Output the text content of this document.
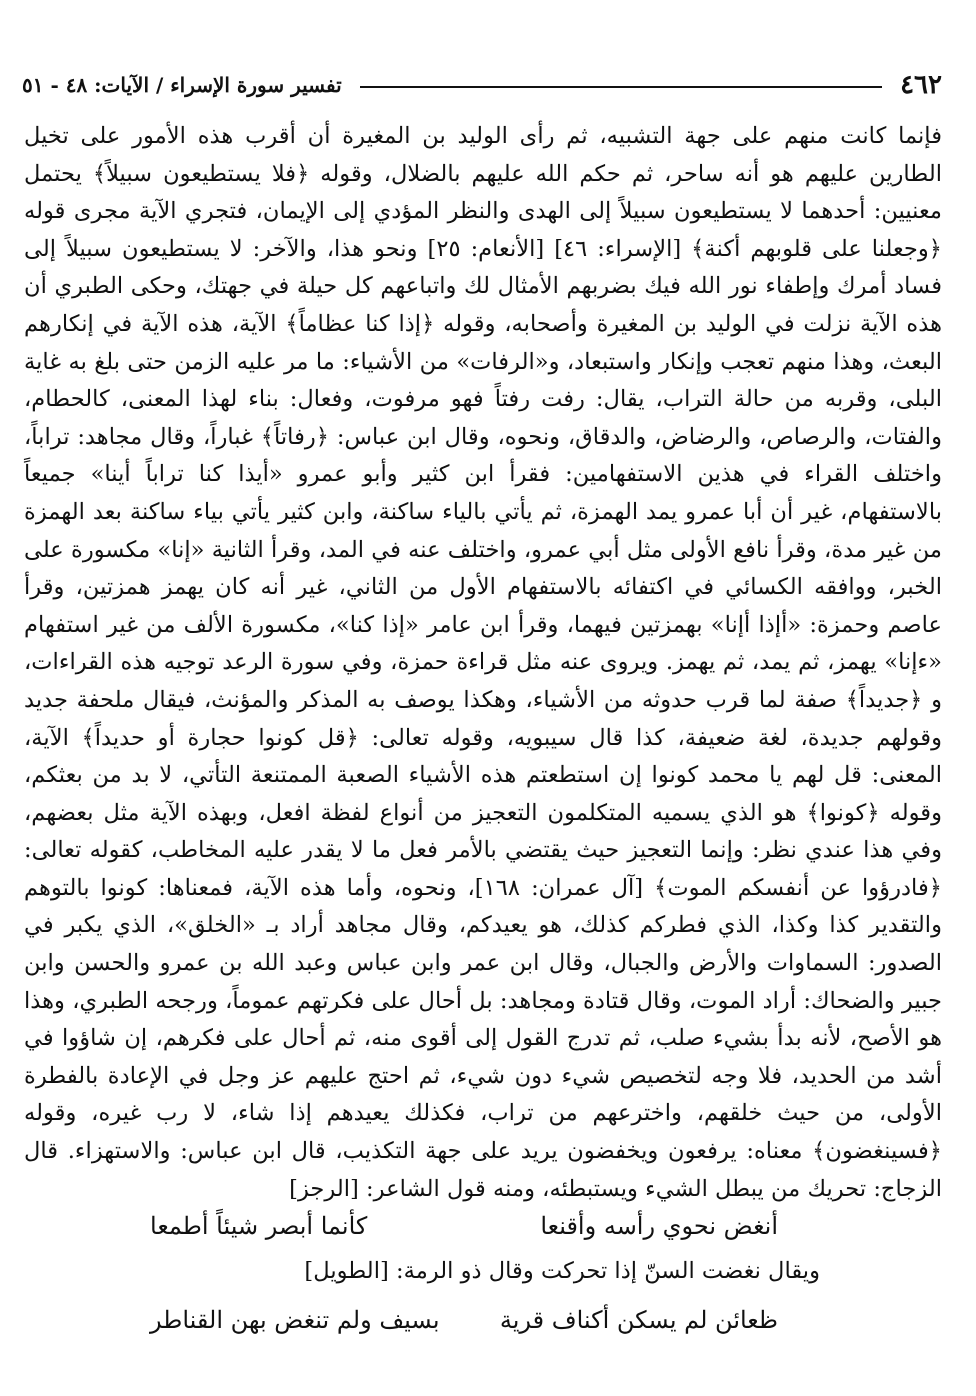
٤٦٢
تفسير سورة الإسراء / الآيات: ٤٨ - ٥١

فإنما كانت منهم على جهة التشبيه، ثم رأى الوليد بن المغيرة أن أقرب هذه الأمور على تخيل الطارين عليهم هو أنه ساحر، ثم حكم الله عليهم بالضلال، وقوله ﴿فلا يستطيعون سبيلاً﴾ يحتمل معنيين: أحدهما لا يستطيعون سبيلاً إلى الهدى والنظر المؤدي إلى الإيمان، فتجري الآية مجرى قوله ﴿وجعلنا على قلوبهم أكنة﴾ [الإسراء: ٤٦] [الأنعام: ٢٥] ونحو هذا، والآخر: لا يستطيعون سبيلاً إلى فساد أمرك وإطفاء نور الله فيك بضربهم الأمثال لك واتباعهم كل حيلة في جهتك، وحكى الطبري أن هذه الآية نزلت في الوليد بن المغيرة وأصحابه، وقوله ﴿إذا كنا عظاماً﴾ الآية، هذه الآية في إنكارهم البعث، وهذا منهم تعجب وإنكار واستبعاد، و«الرفات» من الأشياء: ما مر عليه الزمن حتى بلغ به غاية البلى، وقربه من حالة التراب، يقال: رفت رفتاً فهو مرفوت، وفعال: بناء لهذا المعنى، كالحطام، والفتات، والرصاص، والرضاض، والدقاق، ونحوه، وقال ابن عباس: ﴿رفاتاً﴾ غباراً، وقال مجاهد: تراباً، واختلف القراء في هذين الاستفهامين: فقرأ ابن كثير وأبو عمرو «أيذا كنا تراباً أينا» جميعاً بالاستفهام، غير أن أبا عمرو يمد الهمزة، ثم يأتي بالياء ساكنة، وابن كثير يأتي بياء ساكنة بعد الهمزة من غير مدة، وقرأ نافع الأولى مثل أبي عمرو، واختلف عنه في المد، وقرأ الثانية «إنا» مكسورة على الخبر، ووافقه الكسائي في اكتفائه بالاستفهام الأول من الثاني، غير أنه كان يهمز همزتين، وقرأ عاصم وحمزة: «أإذا أإنا» بهمزتين فيهما، وقرأ ابن عامر «إذا كنا»، مكسورة الألف من غير استفهام «ءإنا» يهمز، ثم يمد، ثم يهمز. ويروى عنه مثل قراءة حمزة، وفي سورة الرعد توجيه هذه القراءات، و ﴿جديداً﴾ صفة لما قرب حدوثه من الأشياء، وهكذا يوصف به المذكر والمؤنث، فيقال ملحفة جديد وقولهم جديدة، لغة ضعيفة، كذا قال سيبويه، وقوله تعالى: ﴿قل كونوا حجارة أو حديداً﴾ الآية، المعنى: قل لهم يا محمد كونوا إن استطعتم هذه الأشياء الصعبة الممتنعة التأتي، لا بد من بعثكم، وقوله ﴿كونوا﴾ هو الذي يسميه المتكلمون التعجيز من أنواع لفظة افعل، وبهذه الآية مثل بعضهم، وفي هذا عندي نظر: وإنما التعجيز حيث يقتضي بالأمر فعل ما لا يقدر عليه المخاطب، كقوله تعالى: ﴿فادرؤوا عن أنفسكم الموت﴾ [آل عمران: ١٦٨]، ونحوه، وأما هذه الآية، فمعناها: كونوا بالتوهم والتقدير كذا وكذا، الذي فطركم كذلك، هو يعيدكم، وقال مجاهد أراد بـ «الخلق»، الذي يكبر في الصدور: السماوات والأرض والجبال، وقال ابن عمر وابن عباس وعبد الله بن عمرو والحسن وابن جبير والضحاك: أراد الموت، وقال قتادة ومجاهد: بل أحال على فكرتهم عموماً، ورجحه الطبري، وهذا هو الأصح، لأنه بدأ بشيء صلب، ثم تدرج القول إلى أقوى منه، ثم أحال على فكرهم، إن شاؤوا في أشد من الحديد، فلا وجه لتخصيص شيء دون شيء، ثم احتج عليهم عز وجل في الإعادة بالفطرة الأولى، من حيث خلقهم، واخترعهم من تراب، فكذلك يعيدهم إذا شاء، لا رب غيره، وقوله ﴿فسينغضون﴾ معناه: يرفعون ويخفضون يريد على جهة التكذيب، قال ابن عباس: والاستهزاء. قال الزجاج: تحريك من يبطل الشيء ويستبطئه، ومنه قول الشاعر: [الرجز]

أنغض نحوي رأسه وأقنعا
كأنما أبصر شيئاً أطمعا
ويقال نغضت السنّ إذا تحركت وقال ذو الرمة: [الطويل]
ظعائن لم يسكن أكناف قرية
بسيف ولم تنغض بهن القناطر
